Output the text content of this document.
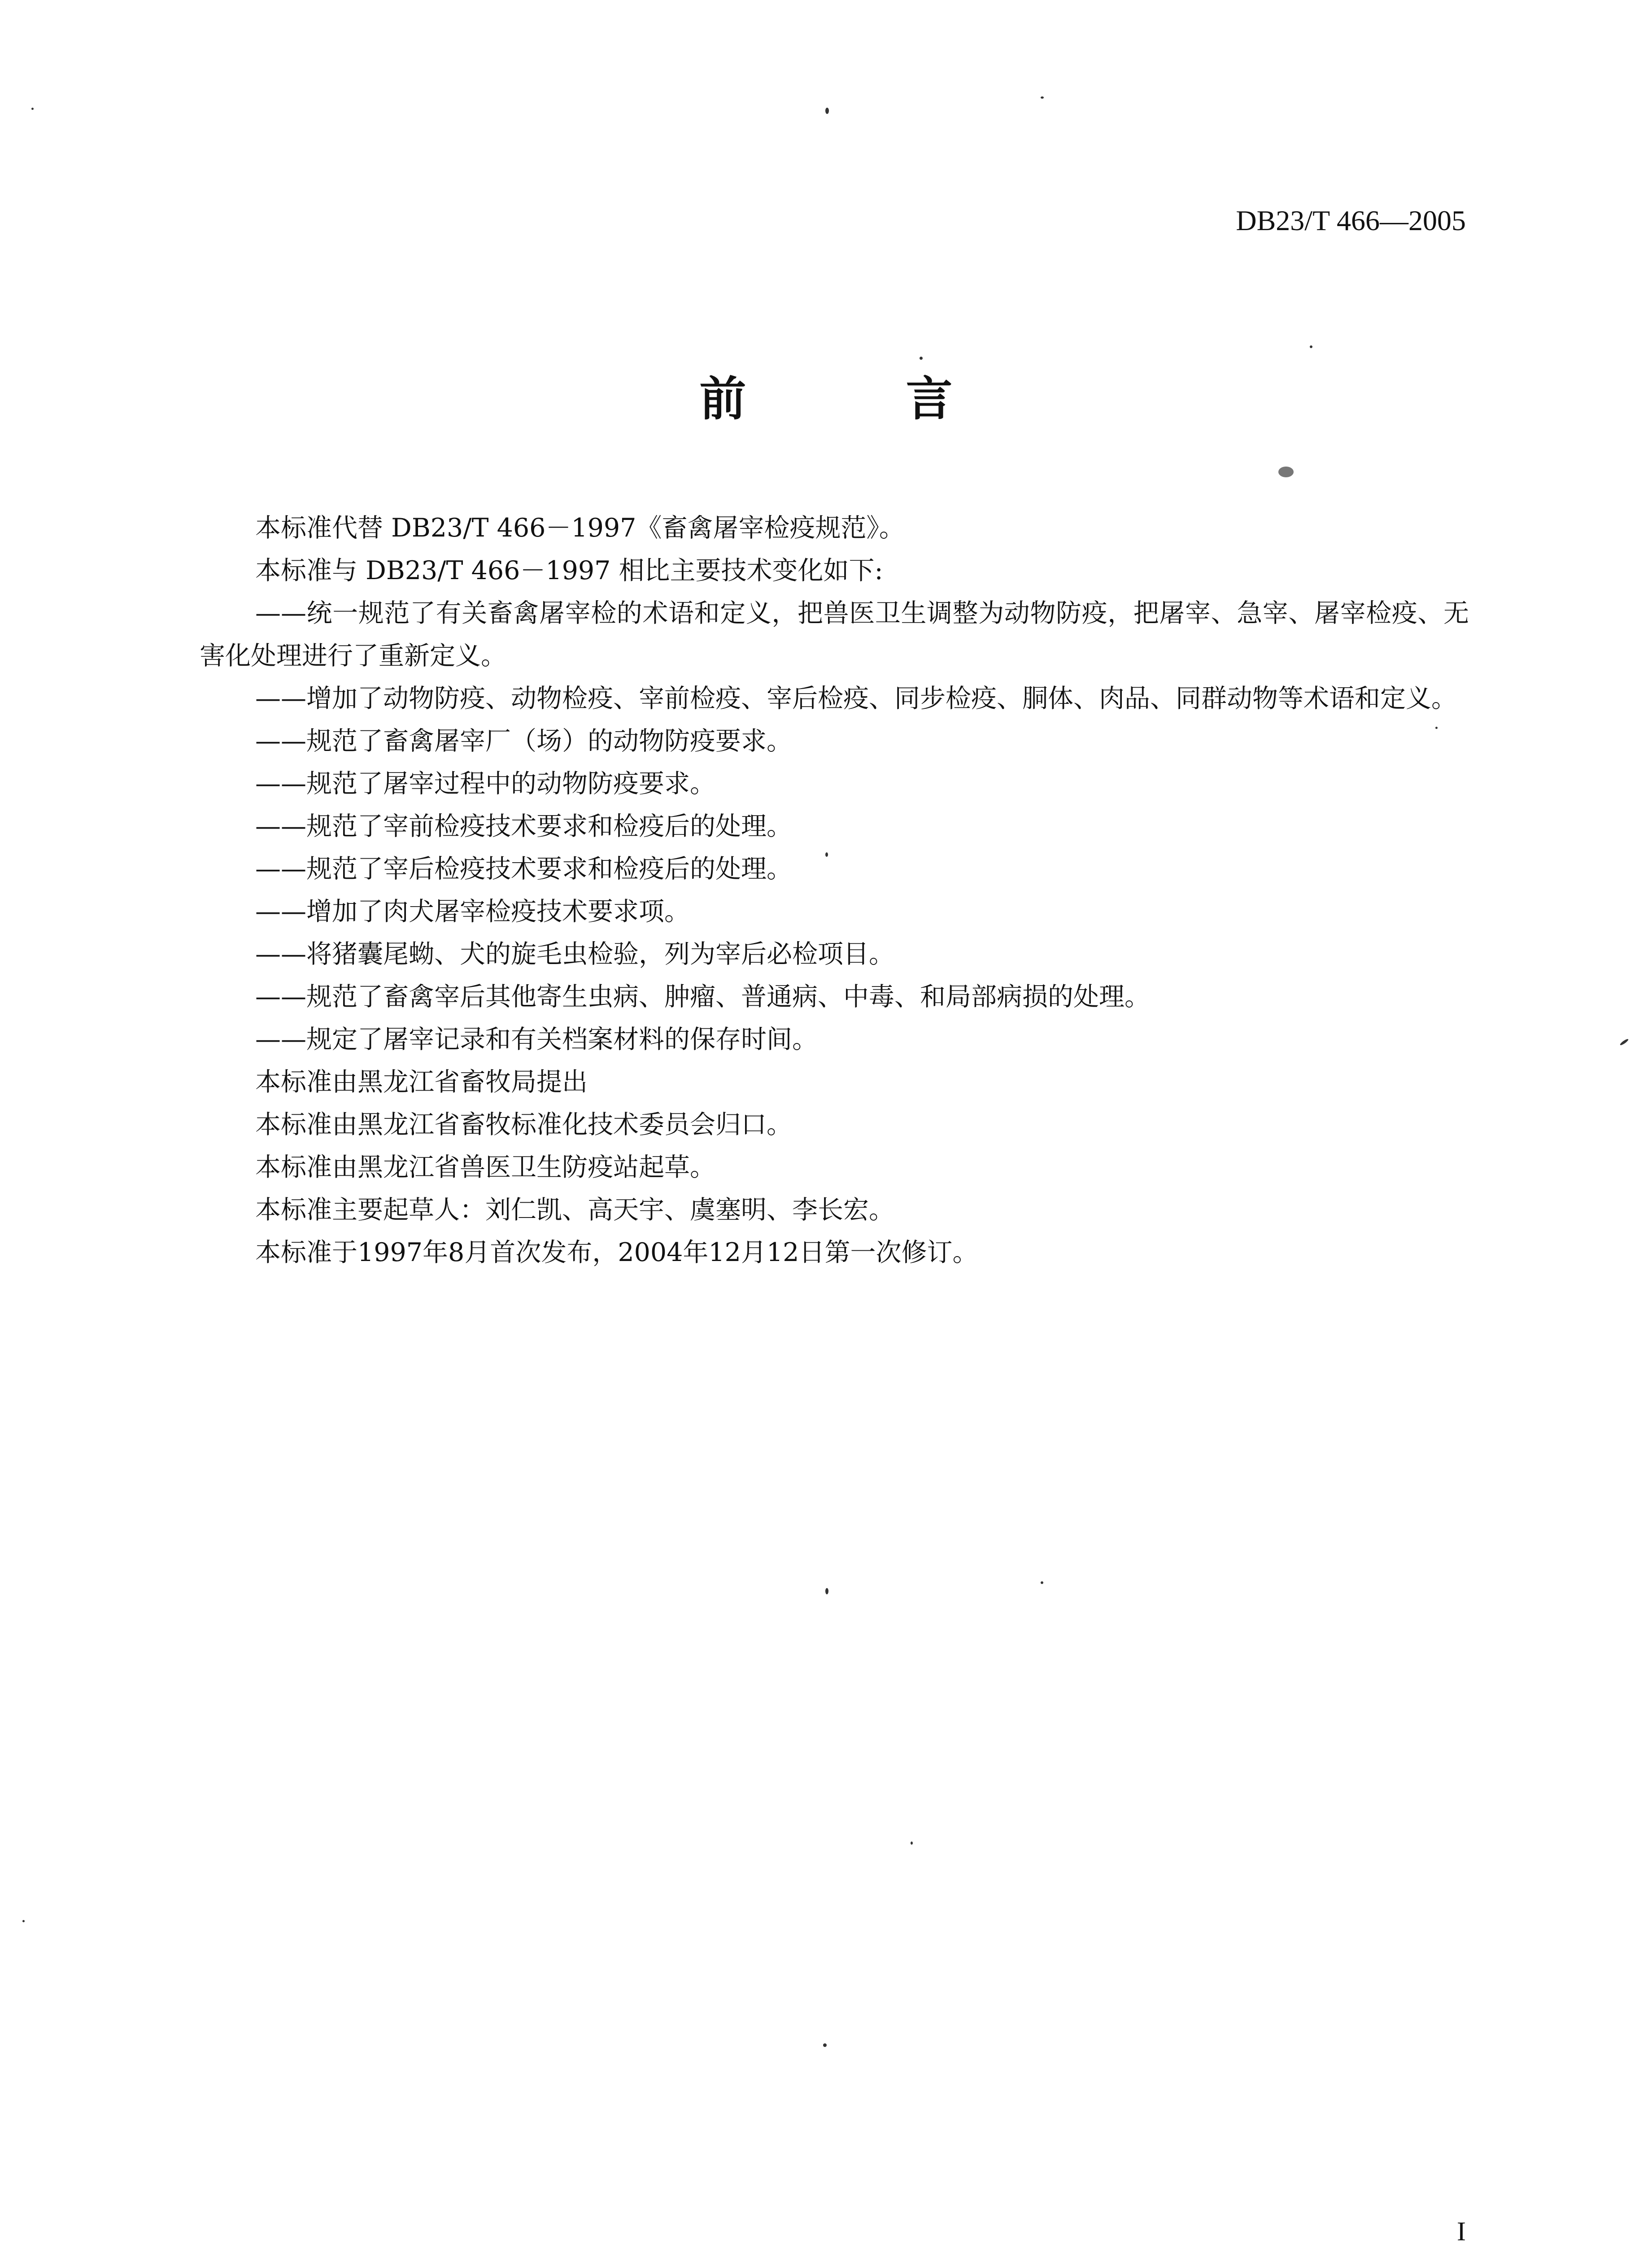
DB23/T 466—2005
前 言

本标准代替 DB23/T 466－1997《畜禽屠宰检疫规范》。

本标准与 DB23/T 466－1997 相比主要技术变化如下:

——统一规范了有关畜禽屠宰检的术语和定义，把兽医卫生调整为动物防疫，把屠宰、急宰、屠宰检疫、无害化处理进行了重新定义。

——增加了动物防疫、动物检疫、宰前检疫、宰后检疫、同步检疫、胴体、肉品、同群动物等术语和定义。

——规范了畜禽屠宰厂（场）的动物防疫要求。

——规范了屠宰过程中的动物防疫要求。

——规范了宰前检疫技术要求和检疫后的处理。

——规范了宰后检疫技术要求和检疫后的处理。

——增加了肉犬屠宰检疫技术要求项。

——将猪囊尾蚴、犬的旋毛虫检验，列为宰后必检项目。

——规范了畜禽宰后其他寄生虫病、肿瘤、普通病、中毒、和局部病损的处理。

——规定了屠宰记录和有关档案材料的保存时间。

本标准由黑龙江省畜牧局提出

本标准由黑龙江省畜牧标准化技术委员会归口。

本标准由黑龙江省兽医卫生防疫站起草。

本标准主要起草人：刘仁凯、高天宇、虞塞明、李长宏。

本标准于1997年8月首次发布，2004年12月12日第一次修订。

I
